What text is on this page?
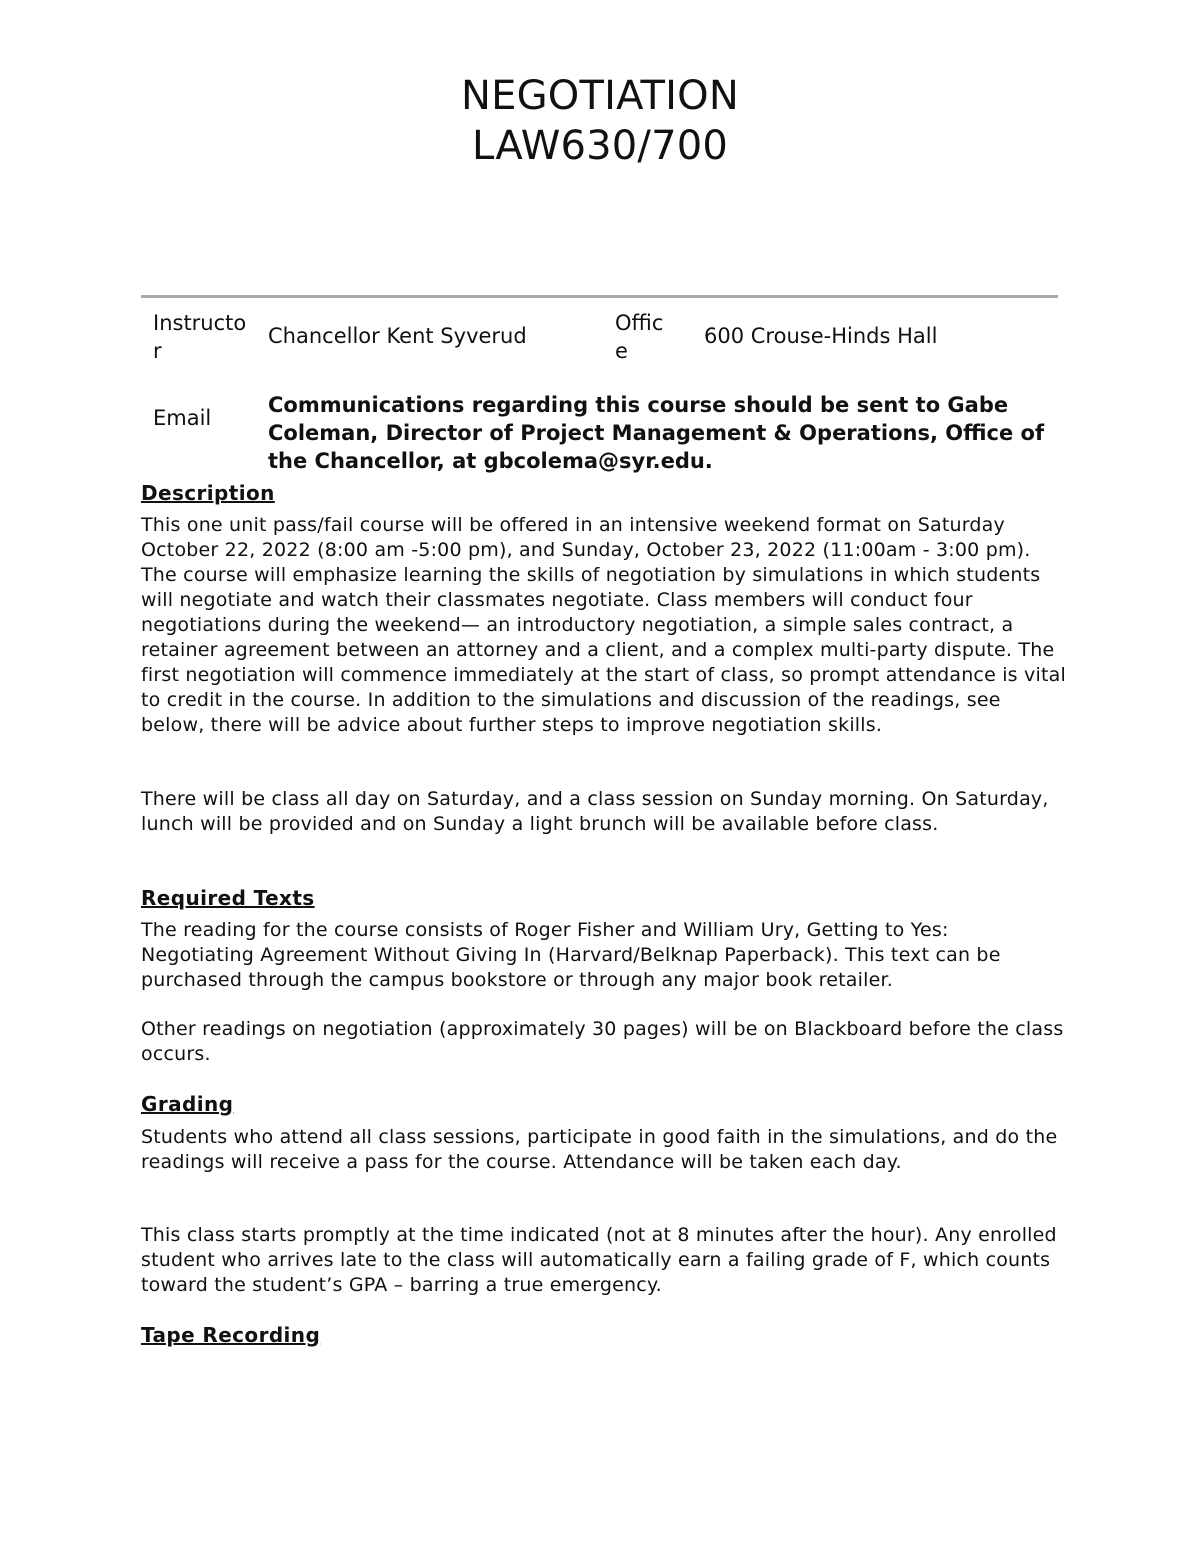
NEGOTIATION
LAW630/700
Instructor
Chancellor Kent Syverud
Office
600 Crouse-Hinds Hall
Email
Communications regarding this course should be sent to Gabe Coleman, Director of Project Management & Operations, Office of the Chancellor, at gbcolema@syr.edu.
Description
This one unit pass/fail course will be offered in an intensive weekend format on Saturday October 22, 2022 (8:00 am -5:00 pm), and Sunday, October 23, 2022 (11:00am - 3:00 pm). The course will emphasize learning the skills of negotiation by simulations in which students will negotiate and watch their classmates negotiate. Class members will conduct four negotiations during the weekend— an introductory negotiation, a simple sales contract, a retainer agreement between an attorney and a client, and a complex multi-party dispute. The first negotiation will commence immediately at the start of class, so prompt attendance is vital to credit in the course. In addition to the simulations and discussion of the readings, see below, there will be advice about further steps to improve negotiation skills.
There will be class all day on Saturday, and a class session on Sunday morning. On Saturday, lunch will be provided and on Sunday a light brunch will be available before class.
Required Texts
The reading for the course consists of Roger Fisher and William Ury, Getting to Yes: Negotiating Agreement Without Giving In (Harvard/Belknap Paperback). This text can be purchased through the campus bookstore or through any major book retailer.
Other readings on negotiation (approximately 30 pages) will be on Blackboard before the class occurs.
Grading
Students who attend all class sessions, participate in good faith in the simulations, and do the readings will receive a pass for the course. Attendance will be taken each day.
This class starts promptly at the time indicated (not at 8 minutes after the hour). Any enrolled student who arrives late to the class will automatically earn a failing grade of F, which counts toward the student’s GPA – barring a true emergency.
Tape Recording
